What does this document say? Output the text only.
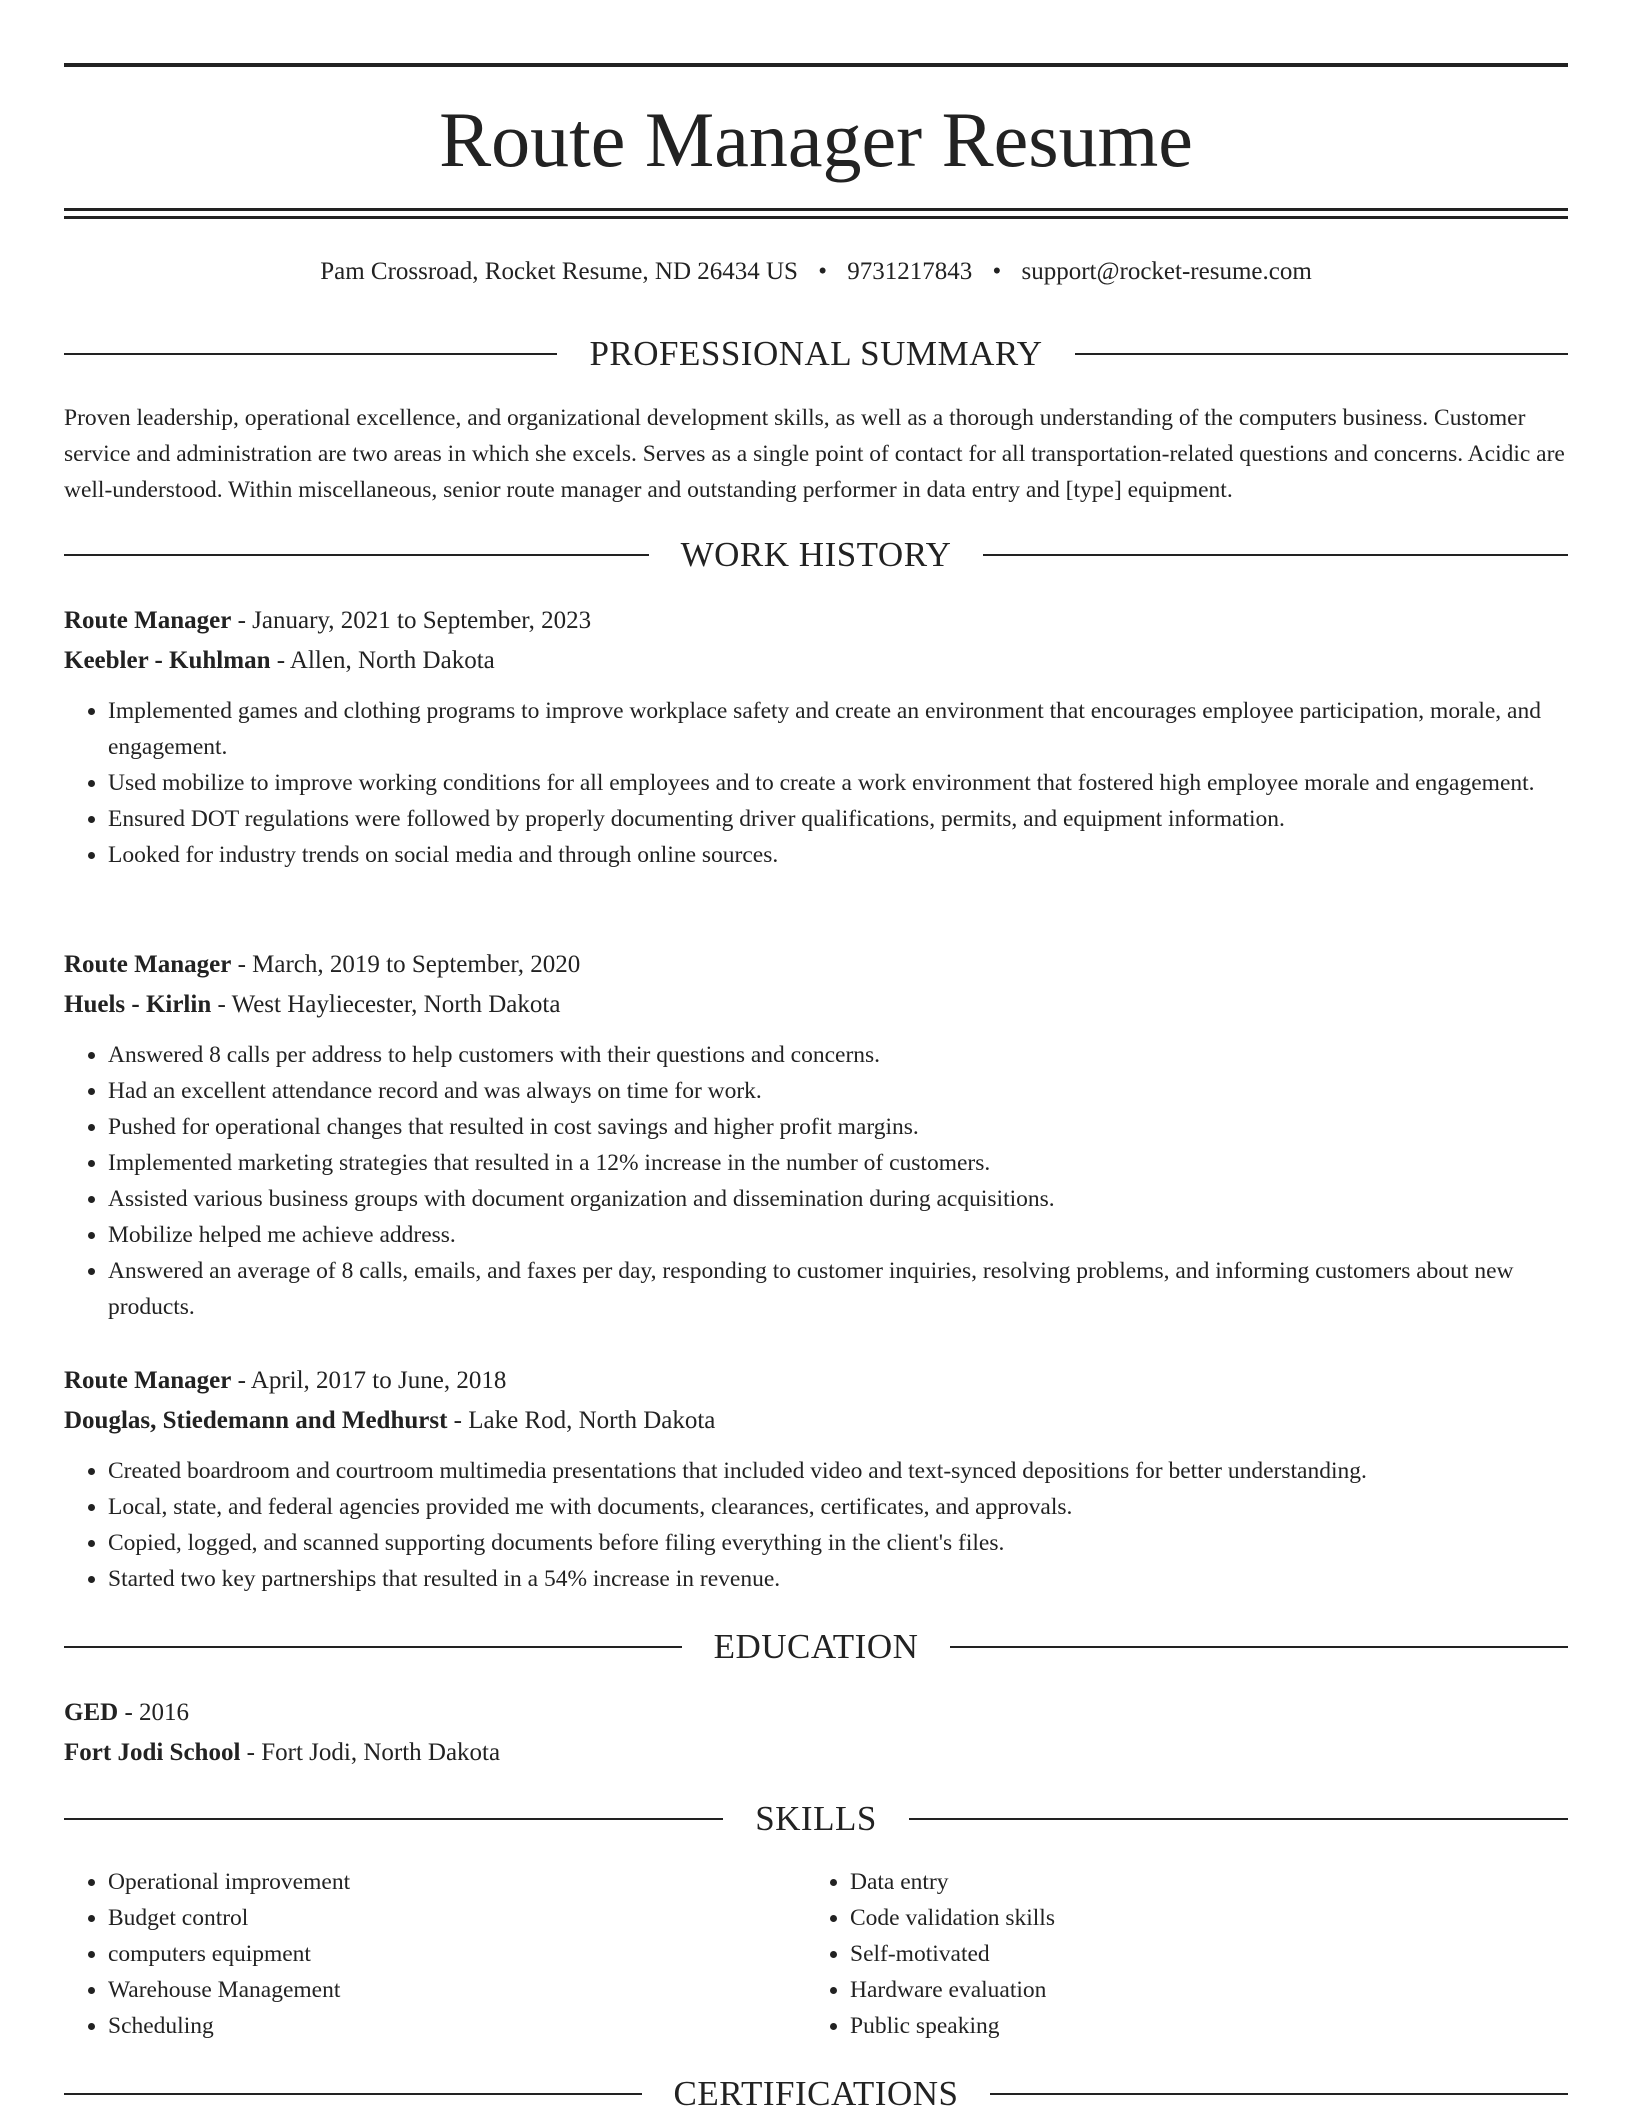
Route Manager Resume
Pam Crossroad, Rocket Resume, ND 26434 US • 9731217843 • support@rocket-resume.com
PROFESSIONAL SUMMARY

Proven leadership, operational excellence, and organizational development skills, as well as a thorough understanding of the computers business. Customer service and administration are two areas in which she excels. Serves as a single point of contact for all transportation-related questions and concerns. Acidic are well-understood. Within miscellaneous, senior route manager and outstanding performer in data entry and [type] equipment.

WORK HISTORY
Route Manager - January, 2021 to September, 2023
Keebler - Kuhlman - Allen, North Dakota
• Implemented games and clothing programs to improve workplace safety and create an environment that encourages employee participation, morale, and engagement.
• Used mobilize to improve working conditions for all employees and to create a work environment that fostered high employee morale and engagement.
• Ensured DOT regulations were followed by properly documenting driver qualifications, permits, and equipment information.
• Looked for industry trends on social media and through online sources.
Route Manager - March, 2019 to September, 2020
Huels - Kirlin - West Hayliecester, North Dakota
• Answered 8 calls per address to help customers with their questions and concerns.
• Had an excellent attendance record and was always on time for work.
• Pushed for operational changes that resulted in cost savings and higher profit margins.
• Implemented marketing strategies that resulted in a 12% increase in the number of customers.
• Assisted various business groups with document organization and dissemination during acquisitions.
• Mobilize helped me achieve address.
• Answered an average of 8 calls, emails, and faxes per day, responding to customer inquiries, resolving problems, and informing customers about new products.
Route Manager - April, 2017 to June, 2018
Douglas, Stiedemann and Medhurst - Lake Rod, North Dakota
• Created boardroom and courtroom multimedia presentations that included video and text-synced depositions for better understanding.
• Local, state, and federal agencies provided me with documents, clearances, certificates, and approvals.
• Copied, logged, and scanned supporting documents before filing everything in the client's files.
• Started two key partnerships that resulted in a 54% increase in revenue.
EDUCATION
GED - 2016
Fort Jodi School - Fort Jodi, North Dakota
SKILLS
• Operational improvement
• Budget control
• computers equipment
• Warehouse Management
• Scheduling
• Data entry
• Code validation skills
• Self-motivated
• Hardware evaluation
• Public speaking
CERTIFICATIONS
